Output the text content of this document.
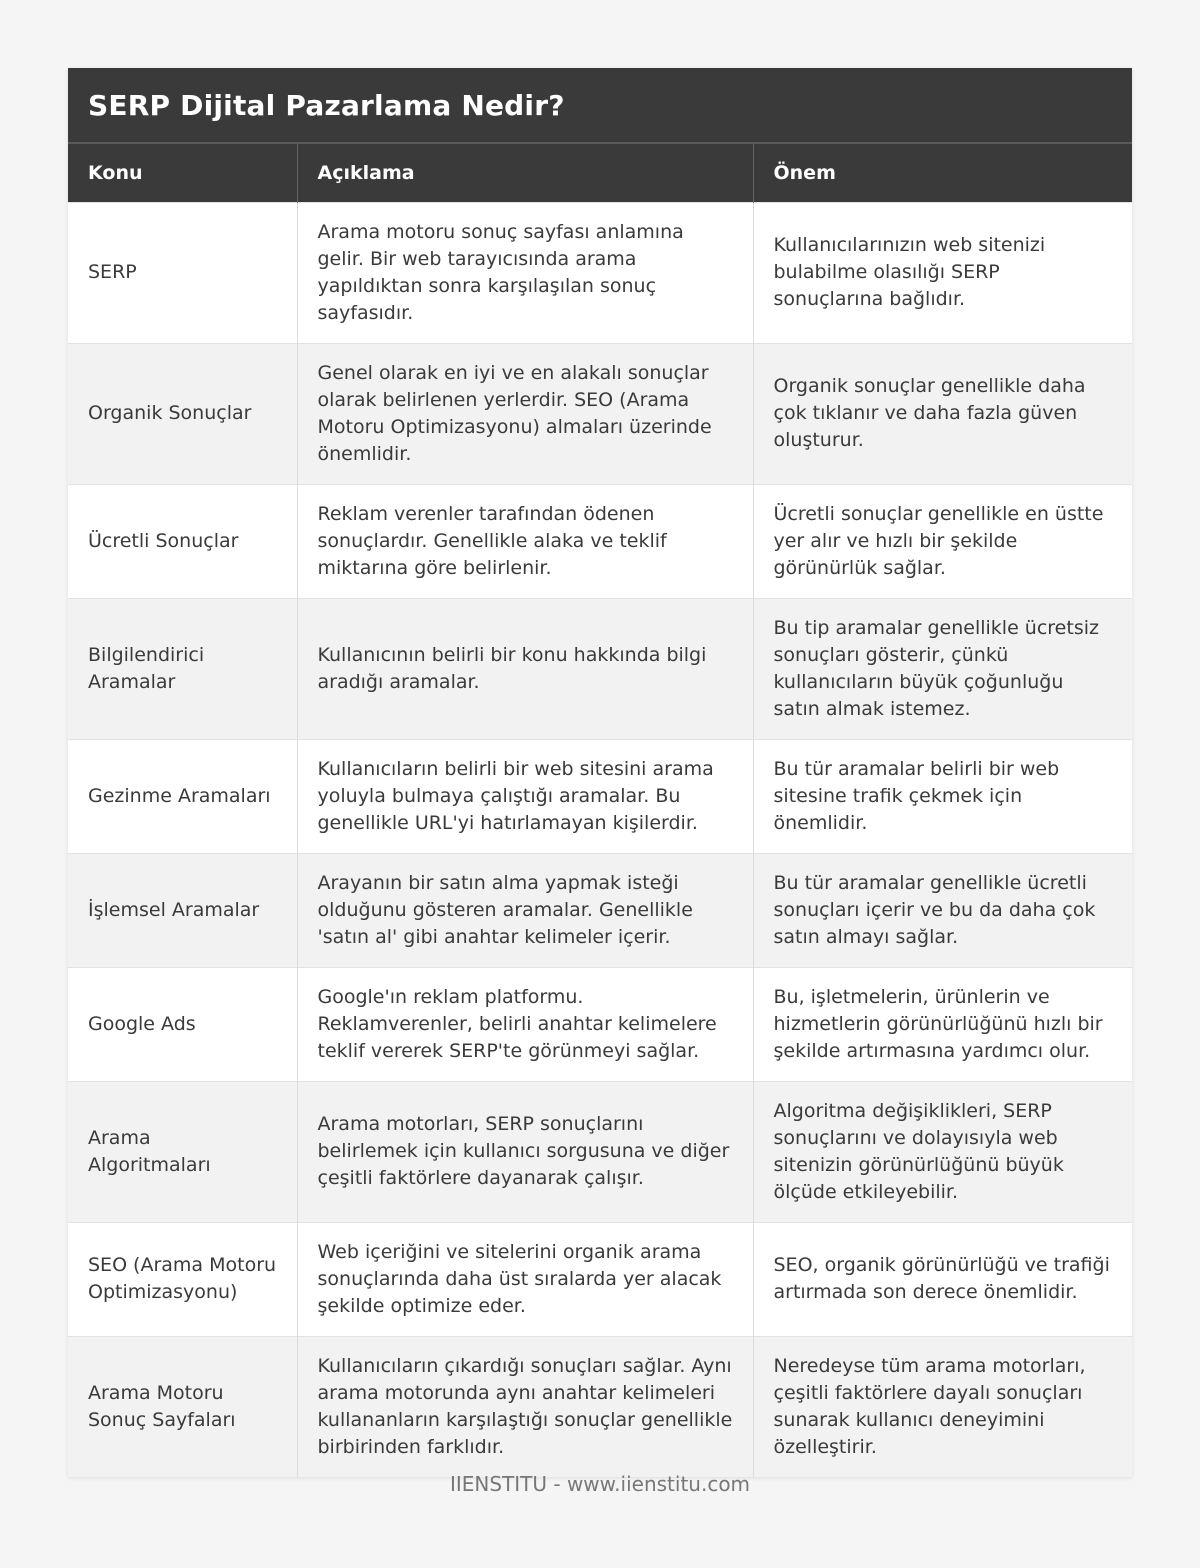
SERP Dijital Pazarlama Nedir?
Konu	Açıklama	Önem
SERP	Arama motoru sonuç sayfası anlamına gelir. Bir web tarayıcısında arama yapıldıktan sonra karşılaşılan sonuç sayfasıdır.	Kullanıcılarınızın web sitenizi bulabilme olasılığı SERP sonuçlarına bağlıdır.
Organik Sonuçlar	Genel olarak en iyi ve en alakalı sonuçlar olarak belirlenen yerlerdir. SEO (Arama Motoru Optimizasyonu) almaları üzerinde önemlidir.	Organik sonuçlar genellikle daha çok tıklanır ve daha fazla güven oluşturur.
Ücretli Sonuçlar	Reklam verenler tarafından ödenen sonuçlardır. Genellikle alaka ve teklif miktarına göre belirlenir.	Ücretli sonuçlar genellikle en üstte yer alır ve hızlı bir şekilde görünürlük sağlar.
Bilgilendirici Aramalar	Kullanıcının belirli bir konu hakkında bilgi aradığı aramalar.	Bu tip aramalar genellikle ücretsiz sonuçları gösterir, çünkü kullanıcıların büyük çoğunluğu satın almak istemez.
Gezinme Aramaları	Kullanıcıların belirli bir web sitesini arama yoluyla bulmaya çalıştığı aramalar. Bu genellikle URL'yi hatırlamayan kişilerdir.	Bu tür aramalar belirli bir web sitesine trafik çekmek için önemlidir.
İşlemsel Aramalar	Arayanın bir satın alma yapmak isteği olduğunu gösteren aramalar. Genellikle 'satın al' gibi anahtar kelimeler içerir.	Bu tür aramalar genellikle ücretli sonuçları içerir ve bu da daha çok satın almayı sağlar.
Google Ads	Google'ın reklam platformu. Reklamverenler, belirli anahtar kelimelere teklif vererek SERP'te görünmeyi sağlar.	Bu, işletmelerin, ürünlerin ve hizmetlerin görünürlüğünü hızlı bir şekilde artırmasına yardımcı olur.
Arama Algoritmaları	Arama motorları, SERP sonuçlarını belirlemek için kullanıcı sorgusuna ve diğer çeşitli faktörlere dayanarak çalışır.	Algoritma değişiklikleri, SERP sonuçlarını ve dolayısıyla web sitenizin görünürlüğünü büyük ölçüde etkileyebilir.
SEO (Arama Motoru Optimizasyonu)	Web içeriğini ve sitelerini organik arama sonuçlarında daha üst sıralarda yer alacak şekilde optimize eder.	SEO, organik görünürlüğü ve trafiği artırmada son derece önemlidir.
Arama Motoru Sonuç Sayfaları	Kullanıcıların çıkardığı sonuçları sağlar. Aynı arama motorunda aynı anahtar kelimeleri kullananların karşılaştığı sonuçlar genellikle birbirinden farklıdır.	Neredeyse tüm arama motorları, çeşitli faktörlere dayalı sonuçları sunarak kullanıcı deneyimini özelleştirir.
IIENSTITU - www.iienstitu.com
